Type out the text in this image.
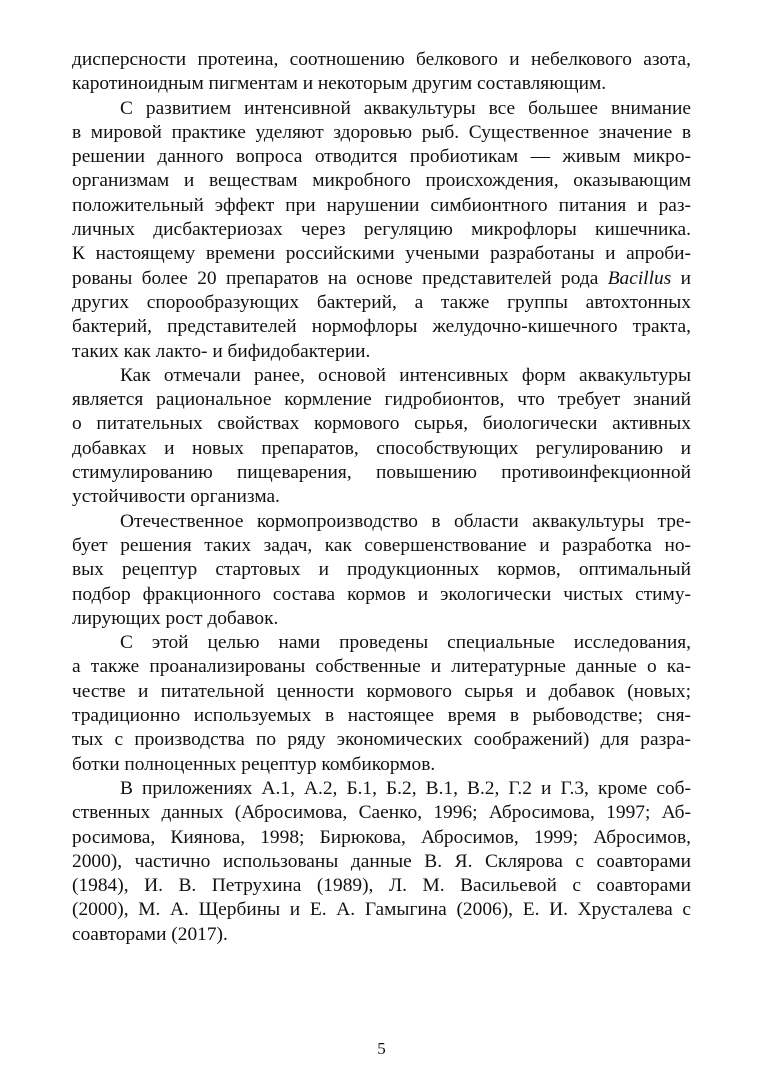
дисперсности протеина, соотношению белкового и небелкового азота,
каротиноидным пигментам и некоторым другим составляющим.
С развитием интенсивной аквакультуры все большее внимание
в мировой практике уделяют здоровью рыб. Существенное значение в
решении данного вопроса отводится пробиотикам — живым микро-
организмам и веществам микробного происхождения, оказывающим
положительный эффект при нарушении симбионтного питания и раз-
личных дисбактериозах через регуляцию микрофлоры кишечника.
К настоящему времени российскими учеными разработаны и апроби-
рованы более 20 препаратов на основе представителей рода Bacillus и
других спорообразующих бактерий, а также группы автохтонных
бактерий, представителей нормофлоры желудочно-кишечного тракта,
таких как лакто- и бифидобактерии.
Как отмечали ранее, основой интенсивных форм аквакультуры
является рациональное кормление гидробионтов, что требует знаний
о питательных свойствах кормового сырья, биологически активных
добавках и новых препаратов, способствующих регулированию и
стимулированию пищеварения, повышению противоинфекционной
устойчивости организма.
Отечественное кормопроизводство в области аквакультуры тре-
бует решения таких задач, как совершенствование и разработка но-
вых рецептур стартовых и продукционных кормов, оптимальный
подбор фракционного состава кормов и экологически чистых стиму-
лирующих рост добавок.
С этой целью нами проведены специальные исследования,
а также проанализированы собственные и литературные данные о ка-
честве и питательной ценности кормового сырья и добавок (новых;
традиционно используемых в настоящее время в рыбоводстве; сня-
тых с производства по ряду экономических соображений) для разра-
ботки полноценных рецептур комбикормов.
В приложениях А.1, А.2, Б.1, Б.2, В.1, В.2, Г.2 и Г.3, кроме соб-
ственных данных (Абросимова, Саенко, 1996; Абросимова, 1997; Аб-
росимова, Киянова, 1998; Бирюкова, Абросимов, 1999; Абросимов,
2000), частично использованы данные В. Я. Склярова с соавторами
(1984), И. В. Петрухина (1989), Л. М. Васильевой с соавторами
(2000), М. А. Щербины и Е. А. Гамыгина (2006), Е. И. Хрусталева с
соавторами (2017).
5
